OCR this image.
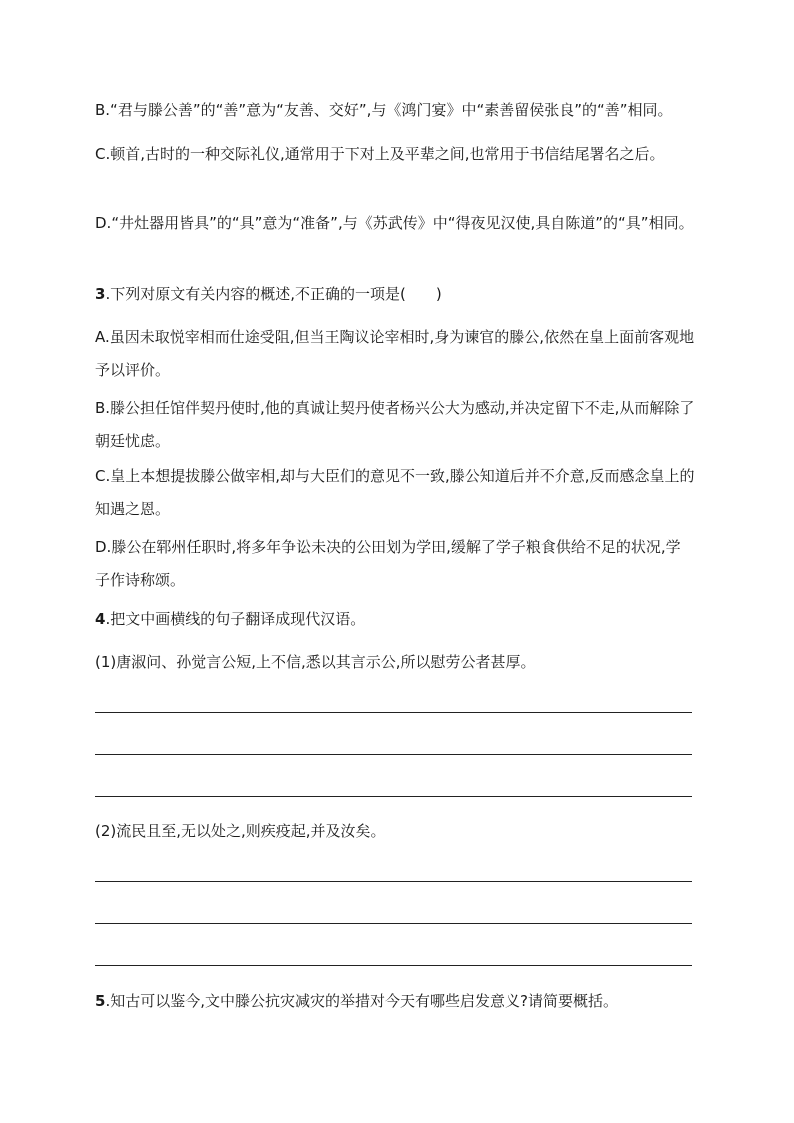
B.“君与滕公善”的“善”意为“友善、交好”,与《鸿门宴》中“素善留侯张良”的“善”相同。

C.顿首,古时的一种交际礼仪,通常用于下对上及平辈之间,也常用于书信结尾署名之后。

D.“井灶器用皆具”的“具”意为“准备”,与《苏武传》中“得夜见汉使,具自陈道”的“具”相同。

3.下列对原文有关内容的概述,不正确的一项是(　　)

A.虽因未取悦宰相而仕途受阻,但当王陶议论宰相时,身为谏官的滕公,依然在皇上面前客观地予以评价。

B.滕公担任馆伴契丹使时,他的真诚让契丹使者杨兴公大为感动,并决定留下不走,从而解除了朝廷忧虑。

C.皇上本想提拔滕公做宰相,却与大臣们的意见不一致,滕公知道后并不介意,反而感念皇上的知遇之恩。

D.滕公在郓州任职时,将多年争讼未决的公田划为学田,缓解了学子粮食供给不足的状况,学子作诗称颂。

4.把文中画横线的句子翻译成现代汉语。

(1)唐淑问、孙觉言公短,上不信,悉以其言示公,所以慰劳公者甚厚。

(2)流民且至,无以处之,则疾疫起,并及汝矣。

5.知古可以鉴今,文中滕公抗灾减灾的举措对今天有哪些启发意义?请简要概括。
